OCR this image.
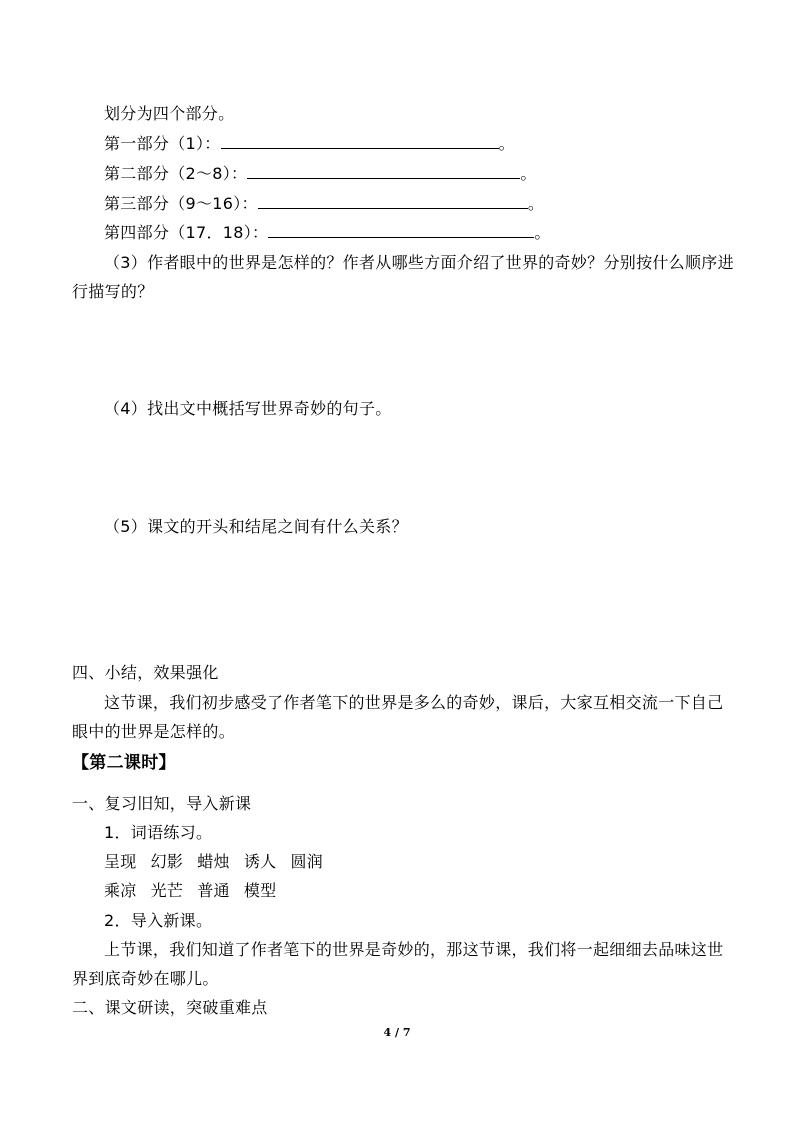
划分为四个部分。
第一部分（1）：	。
第二部分（2～8）：	。
第三部分（9～16）：	。
第四部分（17．18）：	。
（3）作者眼中的世界是怎样的？作者从哪些方面介绍了世界的奇妙？分别按什么顺序进
行描写的？
（4）找出文中概括写世界奇妙的句子。
（5）课文的开头和结尾之间有什么关系？
四、小结，效果强化
这节课，我们初步感受了作者笔下的世界是多么的奇妙，课后，大家互相交流一下自己
眼中的世界是怎样的。
【第二课时】
一、复习旧知，导入新课
1．词语练习。
呈现 幻影 蜡烛 诱人 圆润
乘凉 光芒 普通 模型
2．导入新课。
上节课，我们知道了作者笔下的世界是奇妙的，那这节课，我们将一起细细去品味这世
界到底奇妙在哪儿。
二、课文研读，突破重难点
4 / 7
